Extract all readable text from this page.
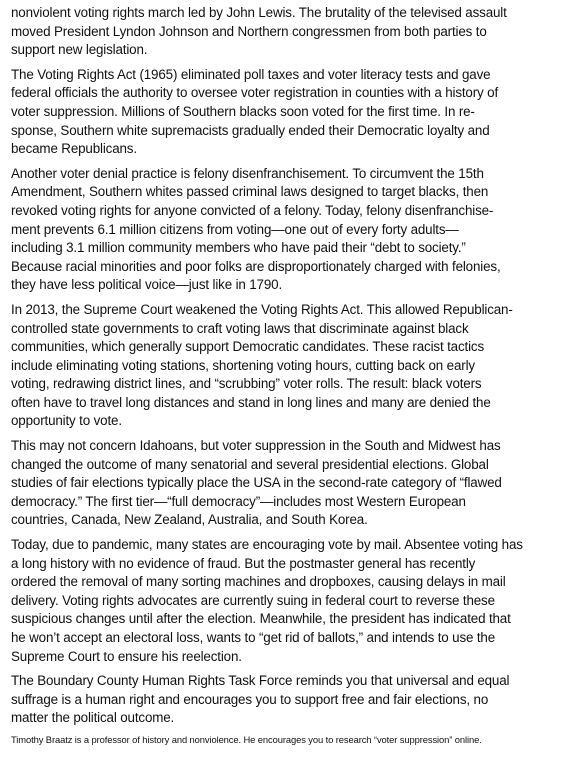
nonviolent voting rights march led by John Lewis. The brutality of the televised assault
moved President Lyndon Johnson and Northern congressmen from both parties to
support new legislation.
The Voting Rights Act (1965) eliminated poll taxes and voter literacy tests and gave
federal officials the authority to oversee voter registration in counties with a history of
voter suppression. Millions of Southern blacks soon voted for the first time. In re-
sponse, Southern white supremacists gradually ended their Democratic loyalty and
became Republicans.
Another voter denial practice is felony disenfranchisement. To circumvent the 15th
Amendment, Southern whites passed criminal laws designed to target blacks, then
revoked voting rights for anyone convicted of a felony. Today, felony disenfranchise-
ment prevents 6.1 million citizens from voting—one out of every forty adults—
including 3.1 million community members who have paid their “debt to society.”
Because racial minorities and poor folks are disproportionately charged with felonies,
they have less political voice—just like in 1790.
In 2013, the Supreme Court weakened the Voting Rights Act. This allowed Republican-
controlled state governments to craft voting laws that discriminate against black
communities, which generally support Democratic candidates. These racist tactics
include eliminating voting stations, shortening voting hours, cutting back on early
voting, redrawing district lines, and “scrubbing” voter rolls. The result: black voters
often have to travel long distances and stand in long lines and many are denied the
opportunity to vote.
This may not concern Idahoans, but voter suppression in the South and Midwest has
changed the outcome of many senatorial and several presidential elections. Global
studies of fair elections typically place the USA in the second-rate category of “flawed
democracy.” The first tier—“full democracy”—includes most Western European
countries, Canada, New Zealand, Australia, and South Korea.
Today, due to pandemic, many states are encouraging vote by mail. Absentee voting has
a long history with no evidence of fraud. But the postmaster general has recently
ordered the removal of many sorting machines and dropboxes, causing delays in mail
delivery. Voting rights advocates are currently suing in federal court to reverse these
suspicious changes until after the election. Meanwhile, the president has indicated that
he won’t accept an electoral loss, wants to “get rid of ballots,” and intends to use the
Supreme Court to ensure his reelection.
The Boundary County Human Rights Task Force reminds you that universal and equal
suffrage is a human right and encourages you to support free and fair elections, no
matter the political outcome.
Timothy Braatz is a professor of history and nonviolence. He encourages you to research “voter suppression” online.
